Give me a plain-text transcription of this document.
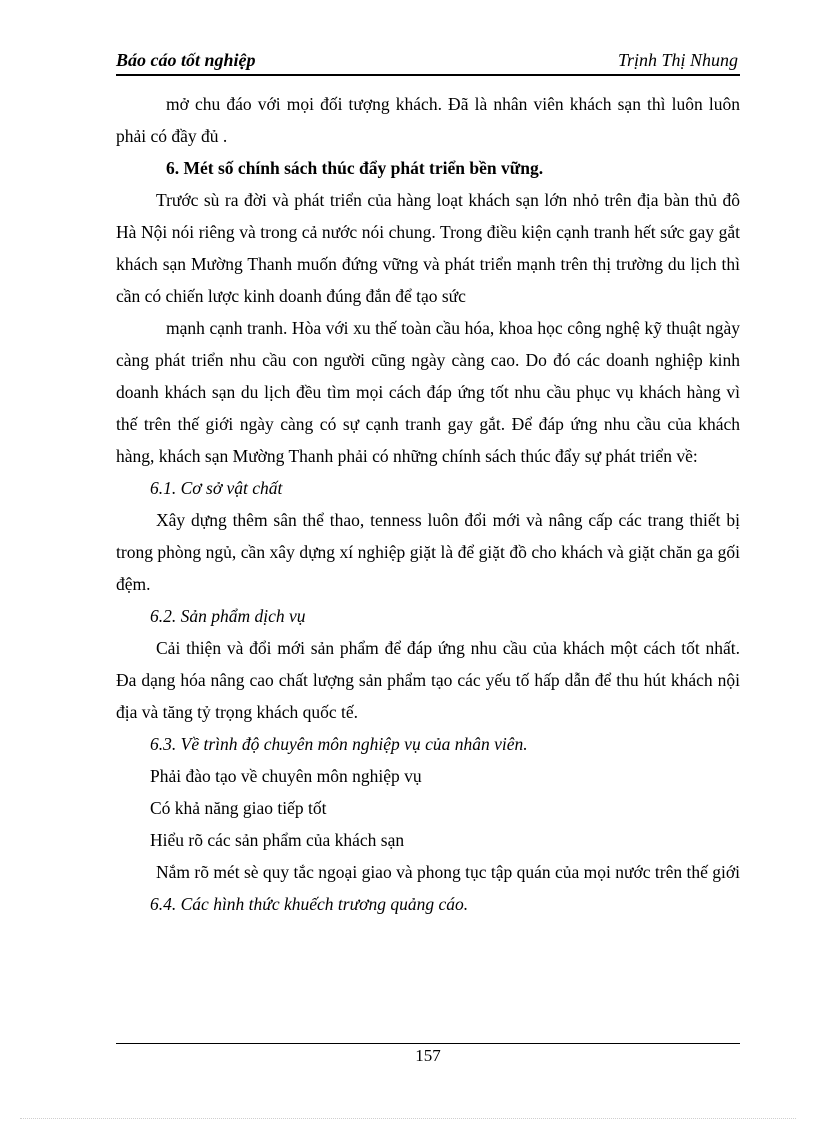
Báo cáo tốt nghiệp	Trịnh Thị Nhung

mở chu đáo với mọi đối tượng khách. Đã là nhân viên khách sạn thì luôn luôn phải có đầy đủ .

6. Mét số chính sách thúc đẩy phát triển bền vững.

Trước sù ra đời và phát triển của hàng loạt khách sạn lớn nhỏ trên địa bàn thủ đô Hà Nội nói riêng và trong cả nước nói chung. Trong điều kiện cạnh tranh hết sức gay gắt khách sạn Mường Thanh muốn đứng vững và phát triển mạnh trên thị trường du lịch thì cần có chiến lược kinh doanh đúng đắn để tạo sức

mạnh cạnh tranh. Hòa với xu thế toàn cầu hóa, khoa học công nghệ kỹ thuật ngày càng phát triển nhu cầu con người cũng ngày càng cao. Do đó các doanh nghiệp kinh doanh khách sạn du lịch đều tìm mọi cách đáp ứng tốt nhu cầu phục vụ khách hàng vì thế trên thế giới ngày càng có sự cạnh tranh gay gắt. Để đáp ứng nhu cầu của khách hàng, khách sạn Mường Thanh phải có những chính sách thúc đẩy sự phát triển về:

6.1. Cơ sở vật chất

Xây dựng thêm sân thể thao, tenness luôn đổi mới và nâng cấp các trang thiết bị trong phòng ngủ, cần xây dựng xí nghiệp giặt là để giặt đồ cho khách và giặt chăn ga gối đệm.

6.2. Sản phẩm dịch vụ

Cải thiện và đổi mới sản phẩm để đáp ứng nhu cầu của khách một cách tốt nhất. Đa dạng hóa nâng cao chất lượng sản phẩm tạo các yếu tố hấp dẫn để thu hút khách nội địa và tăng tỷ trọng khách quốc tế.

6.3. Về trình độ chuyên môn nghiệp vụ của nhân viên.

Phải đào tạo về chuyên môn nghiệp vụ

Có khả năng giao tiếp tốt

Hiểu rõ các sản phẩm của khách sạn

Nắm rõ mét sè quy tắc ngoại giao và phong tục tập quán của mọi nước trên thế giới

6.4. Các hình thức khuếch trương quảng cáo.

157
